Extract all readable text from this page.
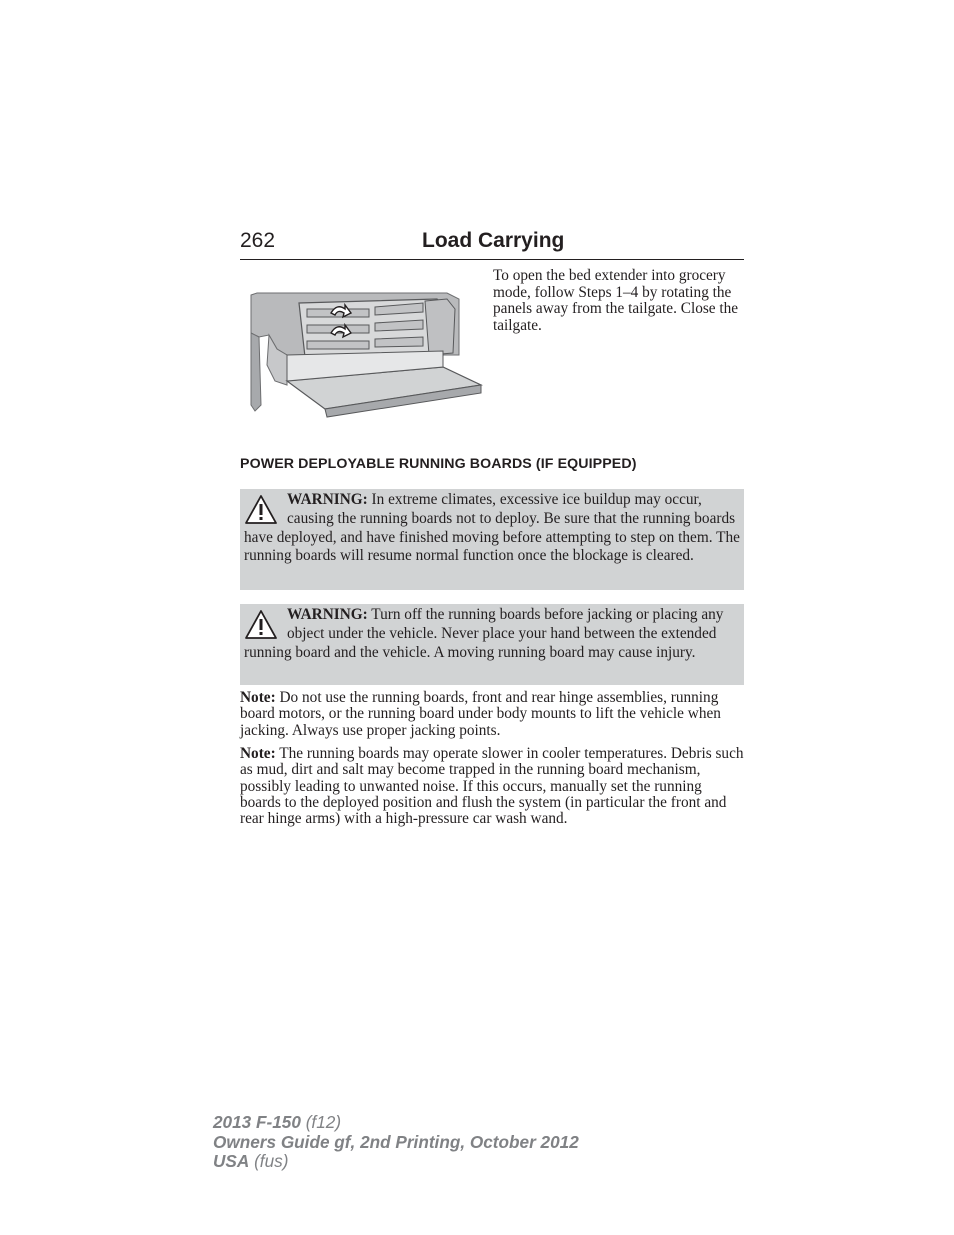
262	Load Carrying
To open the bed extender into grocery mode, follow Steps 1–4 by rotating the panels away from the tailgate. Close the tailgate.
POWER DEPLOYABLE RUNNING BOARDS (IF EQUIPPED)
WARNING: In extreme climates, excessive ice buildup may occur, causing the running boards not to deploy. Be sure that the running boards have deployed, and have finished moving before attempting to step on them. The running boards will resume normal function once the blockage is cleared.
WARNING: Turn off the running boards before jacking or placing any object under the vehicle. Never place your hand between the extended running board and the vehicle. A moving running board may cause injury.
Note: Do not use the running boards, front and rear hinge assemblies, running board motors, or the running board under body mounts to lift the vehicle when jacking. Always use proper jacking points.
Note: The running boards may operate slower in cooler temperatures. Debris such as mud, dirt and salt may become trapped in the running board mechanism, possibly leading to unwanted noise. If this occurs, manually set the running boards to the deployed position and flush the system (in particular the front and rear hinge arms) with a high-pressure car wash wand.
2013 F-150 (f12)
Owners Guide gf, 2nd Printing, October 2012
USA (fus)
